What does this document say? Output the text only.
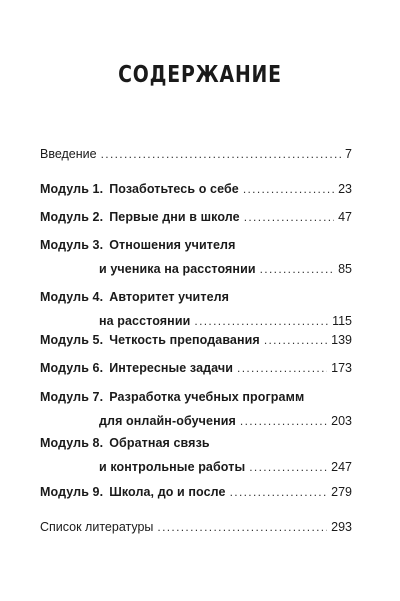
СОДЕРЖАНИЕ
Введение . . .	7
Модуль 1. Позаботьтесь о себе . . .	23
Модуль 2. Первые дни в школе . . .	47
Модуль 3. Отношения учителя
и ученика на расстоянии . . .	85
Модуль 4. Авторитет учителя
на расстоянии . . .	115
Модуль 5. Четкость преподавания . . .	139
Модуль 6. Интересные задачи . . .	173
Модуль 7. Разработка учебных программ
для онлайн-обучения . . .	203
Модуль 8. Обратная связь
и контрольные работы . . .	247
Модуль 9. Школа, до и после . . .	279
Список литературы . . .	293
